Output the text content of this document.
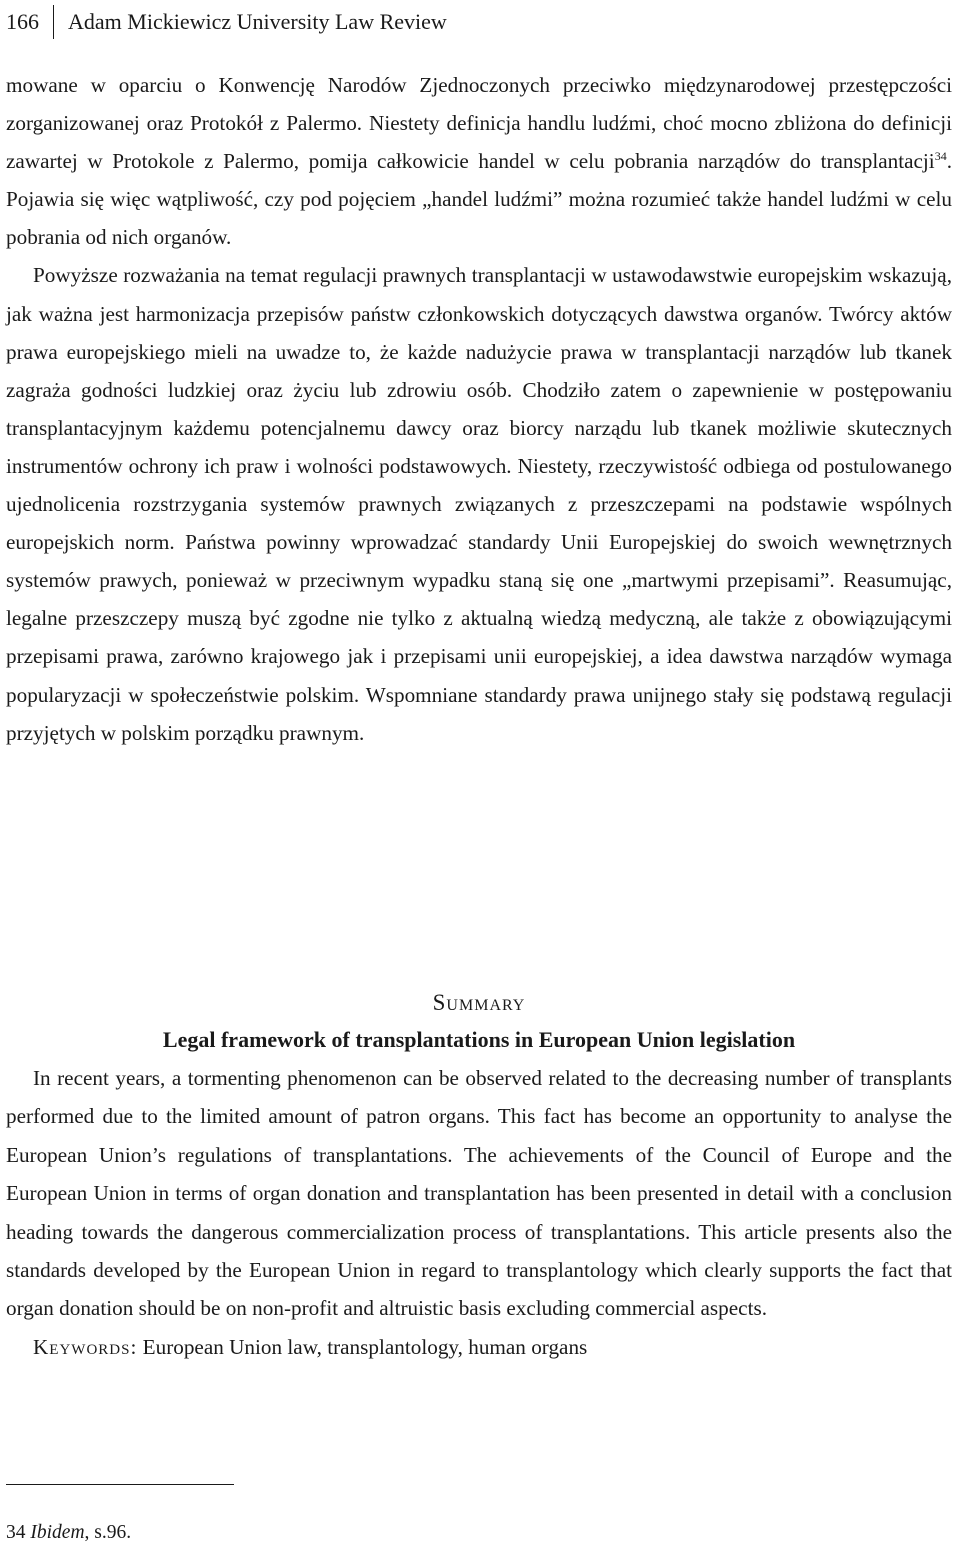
166	Adam Mickiewicz University Law Review

mowane w oparciu o Konwencję Narodów Zjednoczonych przeciwko międzynarodowej przestępczości zorganizowanej oraz Protokół z Palermo. Niestety definicja handlu ludźmi, choć mocno zbliżona do definicji zawartej w Protokole z Palermo, pomija całkowicie handel w celu pobrania narządów do transplantacji$^{34}$. Pojawia się więc wątpliwość, czy pod pojęciem „handel ludźmi” można rozumieć także handel ludźmi w celu pobrania od nich organów.

Powyższe rozważania na temat regulacji prawnych transplantacji w ustawodawstwie europejskim wskazują, jak ważna jest harmonizacja przepisów państw członkowskich dotyczących dawstwa organów. Twórcy aktów prawa europejskiego mieli na uwadze to, że każde nadużycie prawa w transplantacji narządów lub tkanek zagraża godności ludzkiej oraz życiu lub zdrowiu osób. Chodziło zatem o zapewnienie w postępowaniu transplantacyjnym każdemu potencjalnemu dawcy oraz biorcy narządu lub tkanek możliwie skutecznych instrumentów ochrony ich praw i wolności podstawowych. Niestety, rzeczywistość odbiega od postulowanego ujednolicenia rozstrzygania systemów prawnych związanych z przeszczepami na podstawie wspólnych europejskich norm. Państwa powinny wprowadzać standardy Unii Europejskiej do swoich wewnętrznych systemów prawych, ponieważ w przeciwnym wypadku staną się one „martwymi przepisami”. Reasumując, legalne przeszczepy muszą być zgodne nie tylko z aktualną wiedzą medyczną, ale także z obowiązującymi przepisami prawa, zarówno krajowego jak i przepisami unii europejskiej, a idea dawstwa narządów wymaga popularyzacji w społeczeństwie polskim. Wspomniane standardy prawa unijnego stały się podstawą regulacji przyjętych w polskim porządku prawnym.

Summary
Legal framework of transplantations in European Union legislation

In recent years, a tormenting phenomenon can be observed related to the decreasing number of transplants performed due to the limited amount of patron organs. This fact has become an opportunity to analyse the European Union’s regulations of transplantations. The achievements of the Council of Europe and the European Union in terms of organ donation and transplantation has been presented in detail with a conclusion heading towards the dangerous commercialization process of transplantations. This article presents also the standards developed by the European Union in regard to transplantology which clearly supports the fact that organ donation should be on non-profit and altruistic basis excluding commercial aspects.

Keywords: European Union law, transplantology, human organs

34 Ibidem, s.96.
